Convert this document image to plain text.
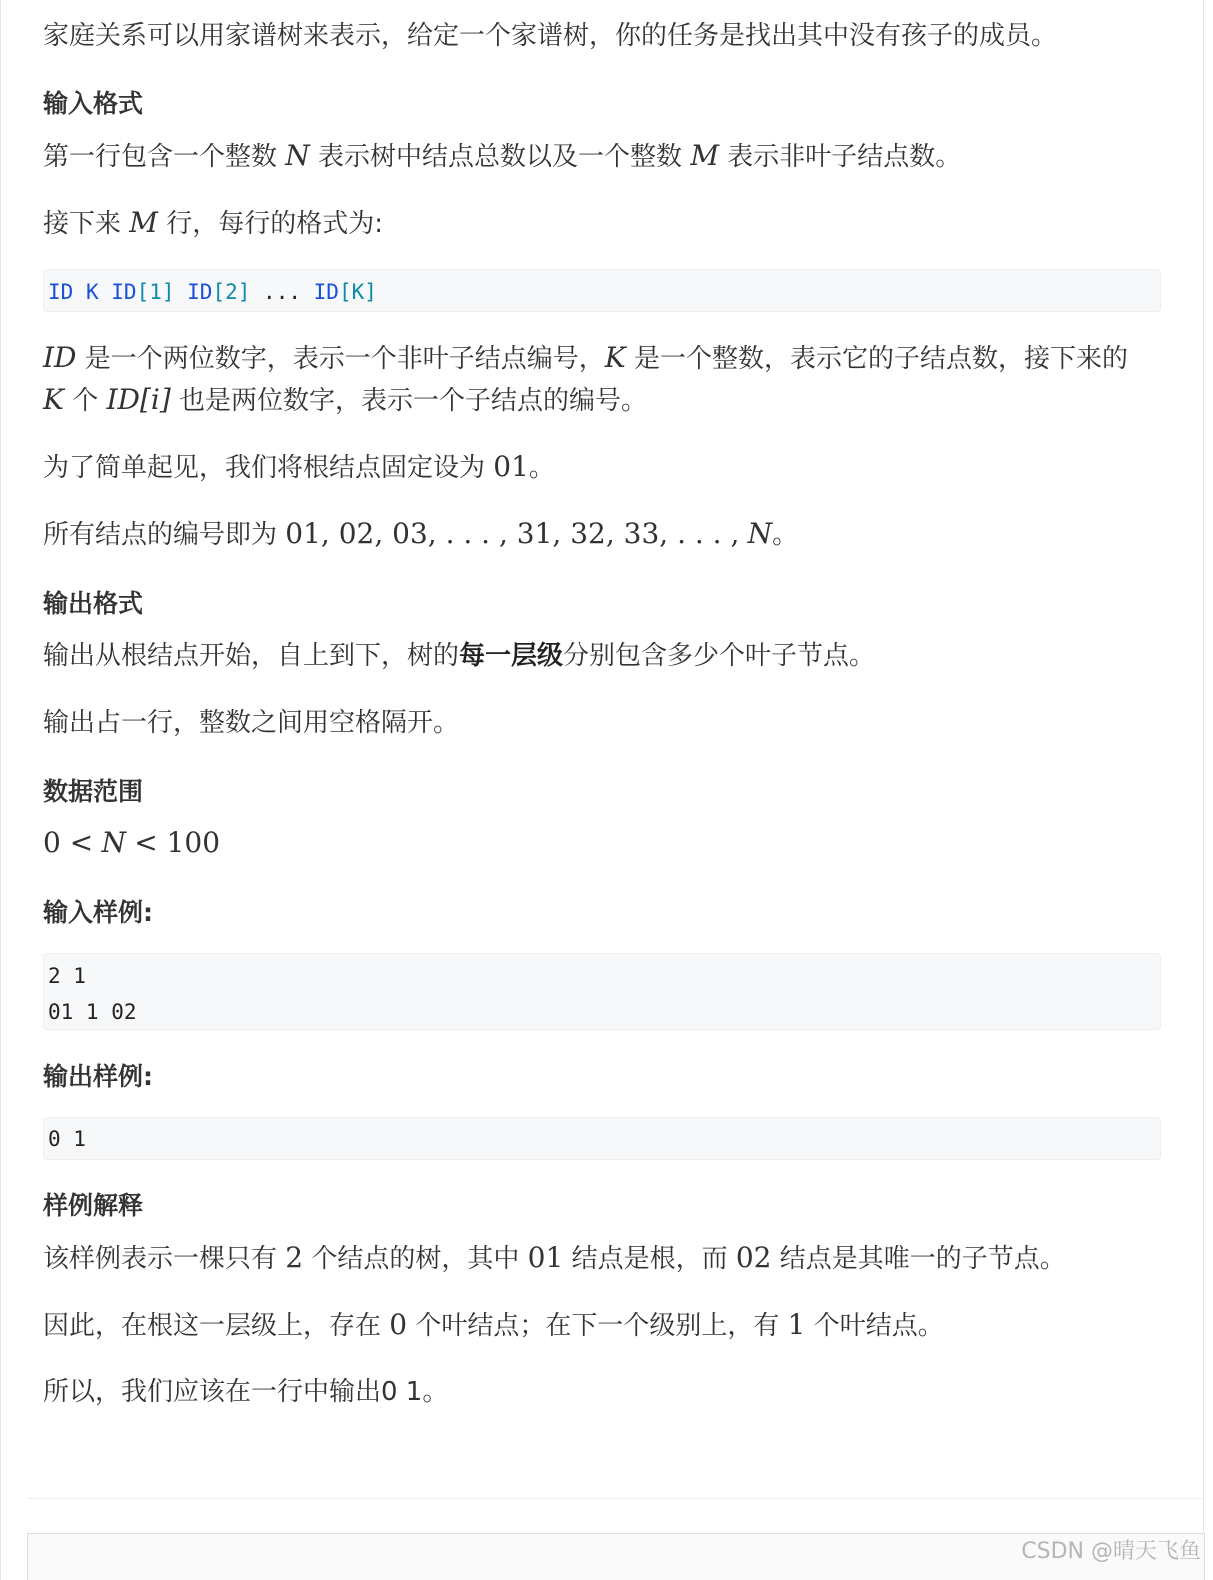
家庭关系可以用家谱树来表示，给定一个家谱树，你的任务是找出其中没有孩子的成员。
输入格式
第一行包含一个整数 N 表示树中结点总数以及一个整数 M 表示非叶子结点数。
接下来 M 行，每行的格式为:
ID K ID[1] ID[2] ... ID[K]
ID 是一个两位数字，表示一个非叶子结点编号，K 是一个整数，表示它的子结点数，接下来的
K 个 ID[i] 也是两位数字，表示一个子结点的编号。
为了简单起见，我们将根结点固定设为 01。
所有结点的编号即为 01, 02, 03, . . . , 31, 32, 33, . . . , N。
输出格式
输出从根结点开始，自上到下，树的每一层级分别包含多少个叶子节点。
输出占一行，整数之间用空格隔开。
数据范围
0 < N < 100
输入样例:
2 1
01 1 02
输出样例:
0 1
样例解释
该样例表示一棵只有 2 个结点的树，其中 01 结点是根，而 02 结点是其唯一的子节点。
因此，在根这一层级上，存在 0 个叶结点；在下一个级别上，有 1 个叶结点。
所以，我们应该在一行中输出0 1。
CSDN @晴天飞鱼
